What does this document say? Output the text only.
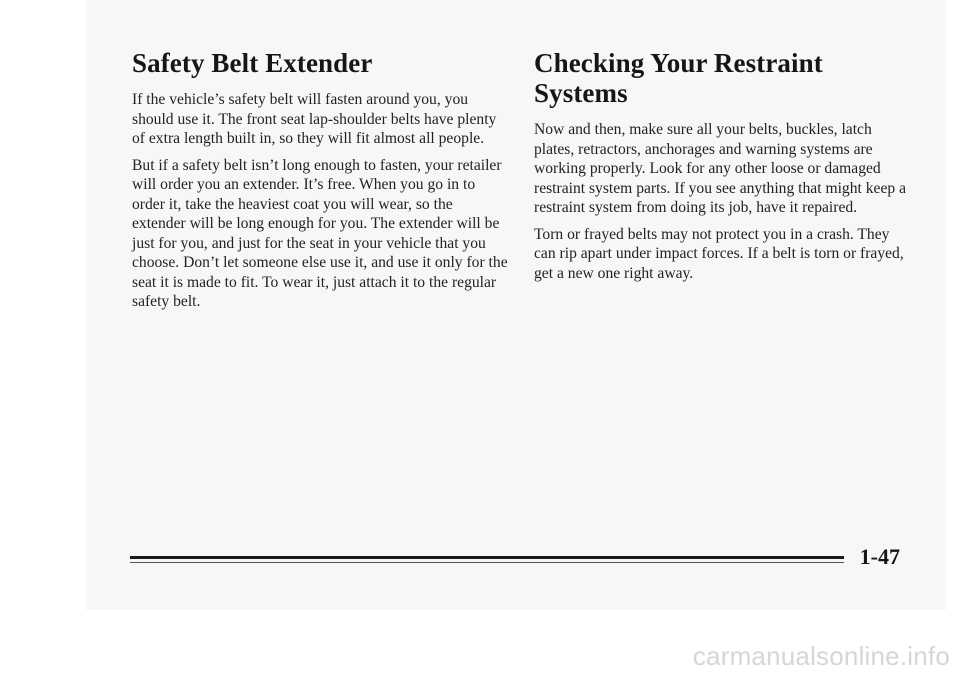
Safety Belt Extender

If the vehicle’s safety belt will fasten around you, you should use it. The front seat lap-shoulder belts have plenty of extra length built in, so they will fit almost all people.

But if a safety belt isn’t long enough to fasten, your retailer will order you an extender. It’s free. When you go in to order it, take the heaviest coat you will wear, so the extender will be long enough for you. The extender will be just for you, and just for the seat in your vehicle that you choose. Don’t let someone else use it, and use it only for the seat it is made to fit. To wear it, just attach it to the regular safety belt.

Checking Your Restraint Systems

Now and then, make sure all your belts, buckles, latch plates, retractors, anchorages and warning systems are working properly. Look for any other loose or damaged restraint system parts. If you see anything that might keep a restraint system from doing its job, have it repaired.

Torn or frayed belts may not protect you in a crash. They can rip apart under impact forces. If a belt is torn or frayed, get a new one right away.

1-47
carmanualsonline.info
